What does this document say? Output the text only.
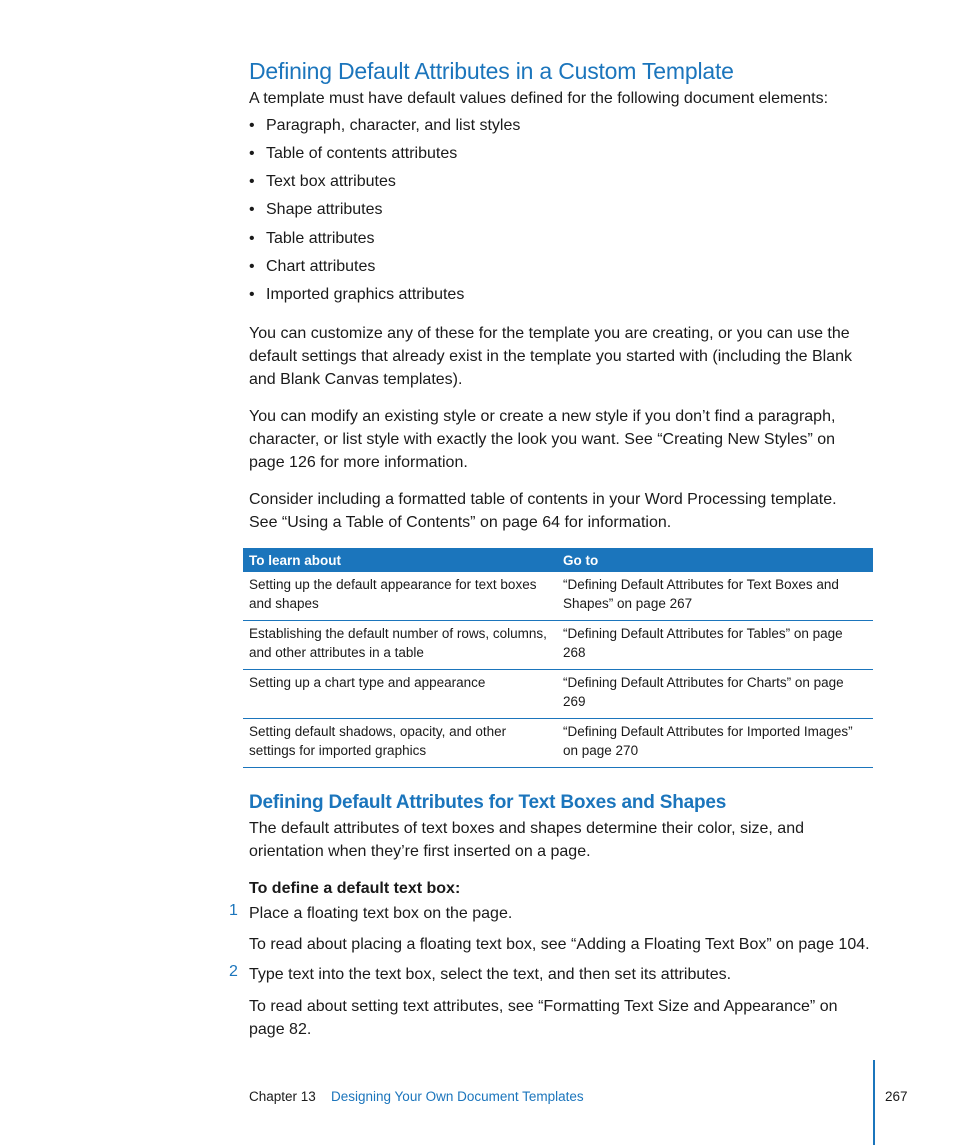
Defining Default Attributes in a Custom Template
A template must have default values defined for the following document elements:
• Paragraph, character, and list styles
• Table of contents attributes
• Text box attributes
• Shape attributes
• Table attributes
• Chart attributes
• Imported graphics attributes
You can customize any of these for the template you are creating, or you can use the default settings that already exist in the template you started with (including the Blank and Blank Canvas templates).
You can modify an existing style or create a new style if you don’t find a paragraph, character, or list style with exactly the look you want. See “Creating New Styles” on page 126 for more information.
Consider including a formatted table of contents in your Word Processing template. See “Using a Table of Contents” on page 64 for information.
To learn about	Go to
Setting up the default appearance for text boxes and shapes	“Defining Default Attributes for Text Boxes and Shapes” on page 267
Establishing the default number of rows, columns, and other attributes in a table	“Defining Default Attributes for Tables” on page 268
Setting up a chart type and appearance	“Defining Default Attributes for Charts” on page 269
Setting default shadows, opacity, and other settings for imported graphics	“Defining Default Attributes for Imported Images” on page 270
Defining Default Attributes for Text Boxes and Shapes
The default attributes of text boxes and shapes determine their color, size, and orientation when they’re first inserted on a page.
To define a default text box:
1 Place a floating text box on the page.
To read about placing a floating text box, see “Adding a Floating Text Box” on page 104.
2 Type text into the text box, select the text, and then set its attributes.
To read about setting text attributes, see “Formatting Text Size and Appearance” on page 82.
Chapter 13 Designing Your Own Document Templates	267
